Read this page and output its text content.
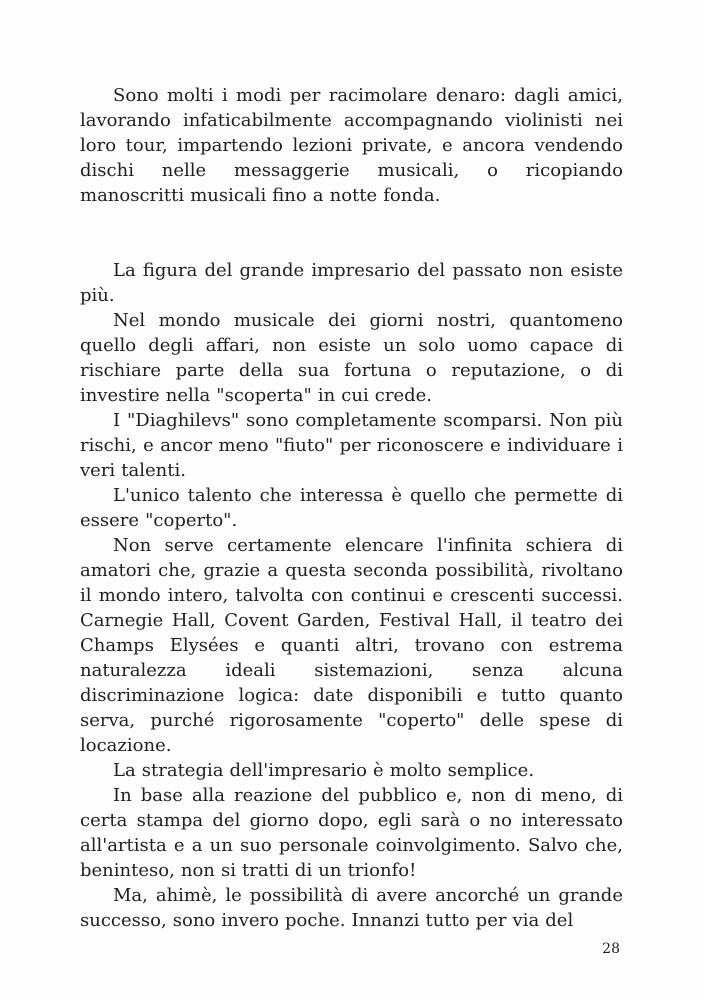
Sono molti i modi per racimolare denaro: dagli amici, lavorando infaticabilmente accompagnando violinisti nei loro tour, impartendo lezioni private, e ancora vendendo dischi nelle messaggerie musicali, o ricopiando manoscritti musicali fino a notte fonda.

La figura del grande impresario del passato non esiste più.

Nel mondo musicale dei giorni nostri, quantomeno quello degli affari, non esiste un solo uomo capace di rischiare parte della sua fortuna o reputazione, o di investire nella "scoperta" in cui crede.

I "Diaghilevs" sono completamente scomparsi. Non più rischi, e ancor meno "fiuto" per riconoscere e individuare i veri talenti.

L'unico talento che interessa è quello che permette di essere "coperto".

Non serve certamente elencare l'infinita schiera di amatori che, grazie a questa seconda possibilità, rivoltano il mondo intero, talvolta con continui e crescenti successi. Carnegie Hall, Covent Garden, Festival Hall, il teatro dei Champs Elysées e quanti altri, trovano con estrema naturalezza ideali sistemazioni, senza alcuna discriminazione logica: date disponibili e tutto quanto serva, purché rigorosamente "coperto" delle spese di locazione.

La strategia dell'impresario è molto semplice.

In base alla reazione del pubblico e, non di meno, di certa stampa del giorno dopo, egli sarà o no interessato all'artista e a un suo personale coinvolgimento. Salvo che, beninteso, non si tratti di un trionfo!

Ma, ahimè, le possibilità di avere ancorché un grande successo, sono invero poche. Innanzi tutto per via del

28
